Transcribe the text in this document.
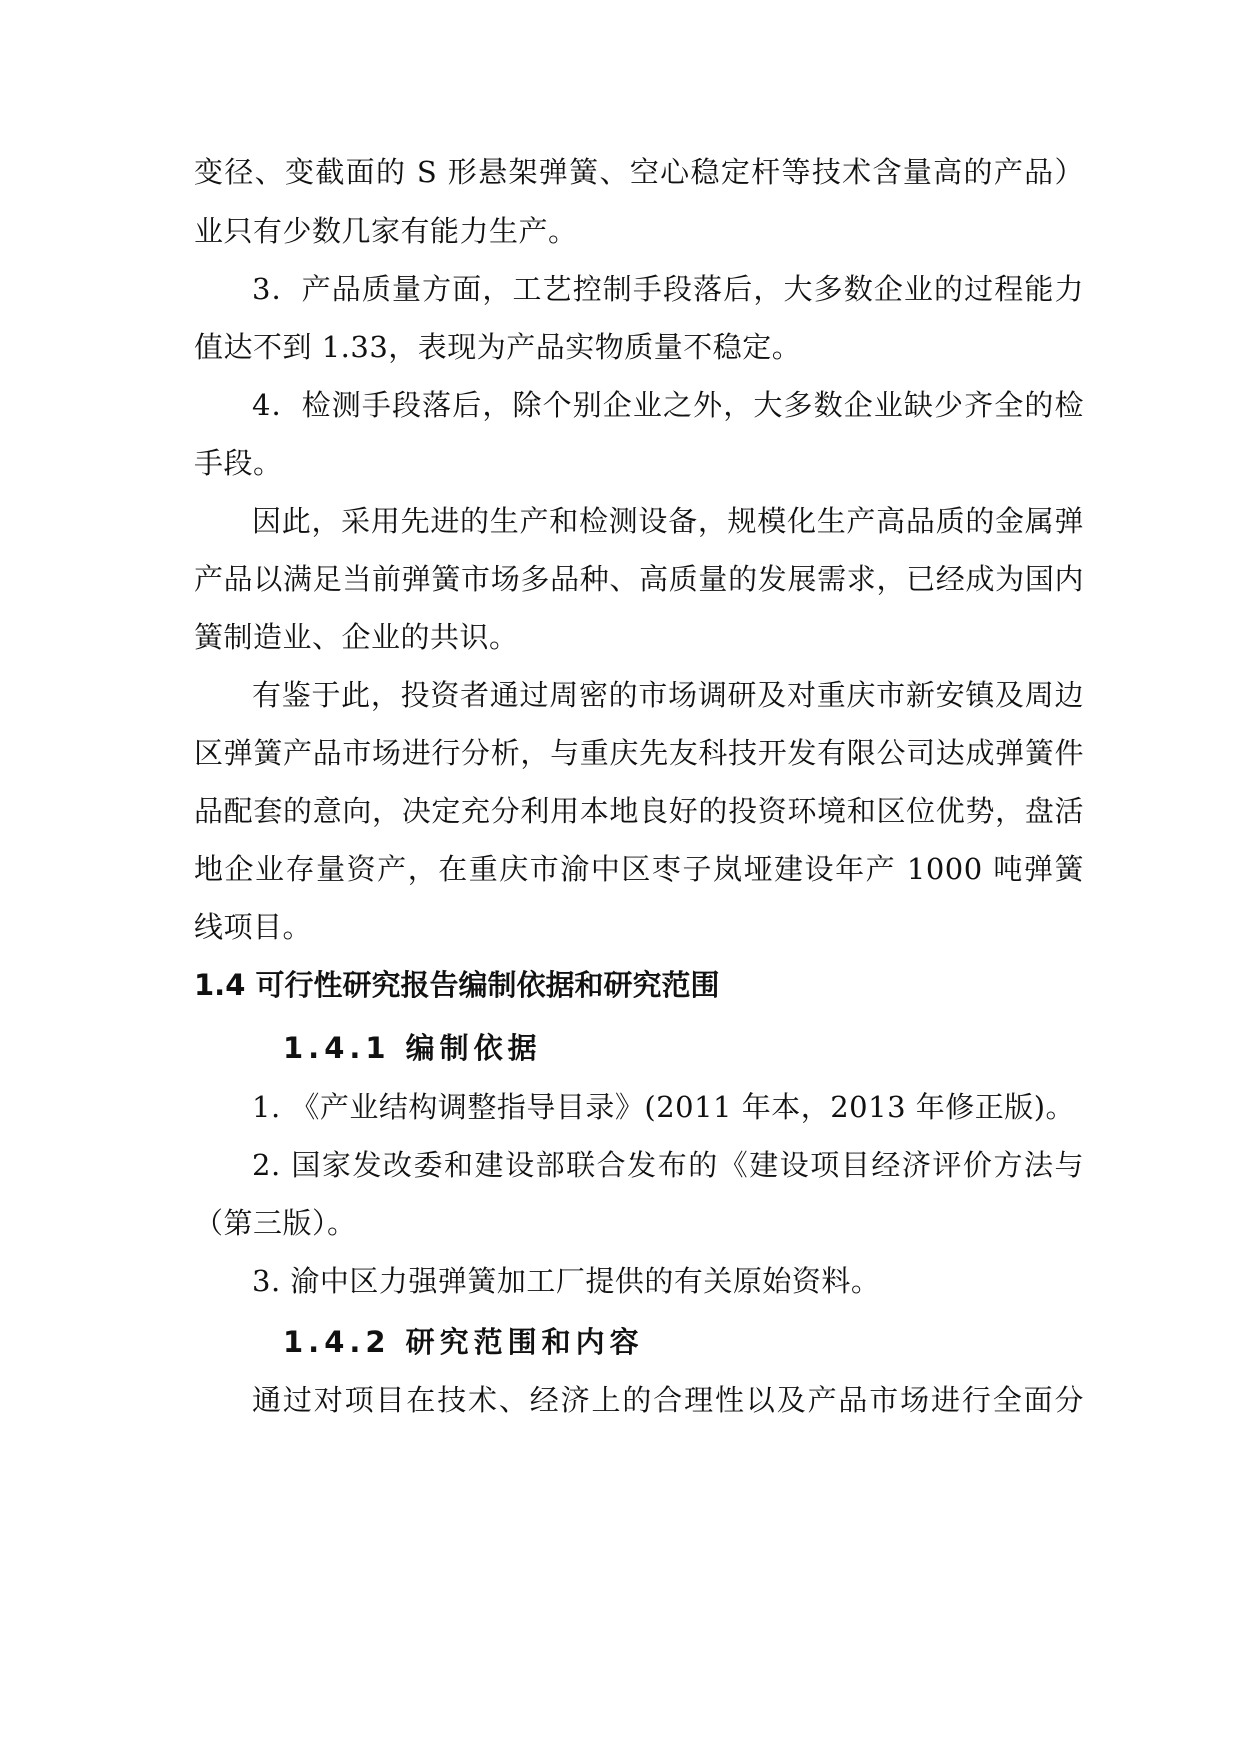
变径、变截面的 S 形悬架弹簧、空心稳定杆等技术含量高的产品）
业只有少数几家有能力生产。
3．产品质量方面，工艺控制手段落后，大多数企业的过程能力
值达不到 1.33，表现为产品实物质量不稳定。
4．检测手段落后，除个别企业之外，大多数企业缺少齐全的检
手段。
因此，采用先进的生产和检测设备，规模化生产高品质的金属弹
产品以满足当前弹簧市场多品种、高质量的发展需求，已经成为国内
簧制造业、企业的共识。
有鉴于此，投资者通过周密的市场调研及对重庆市新安镇及周边
区弹簧产品市场进行分析，与重庆先友科技开发有限公司达成弹簧件
品配套的意向，决定充分利用本地良好的投资环境和区位优势，盘活
地企业存量资产，在重庆市渝中区枣子岚垭建设年产 1000 吨弹簧
线项目。
1.4 可行性研究报告编制依据和研究范围
1.4.1 编制依据
1. 《产业结构调整指导目录》(2011 年本，2013 年修正版)。
2. 国家发改委和建设部联合发布的《建设项目经济评价方法与
（第三版）。
3. 渝中区力强弹簧加工厂提供的有关原始资料。
1.4.2 研究范围和内容
通过对项目在技术、经济上的合理性以及产品市场进行全面分
